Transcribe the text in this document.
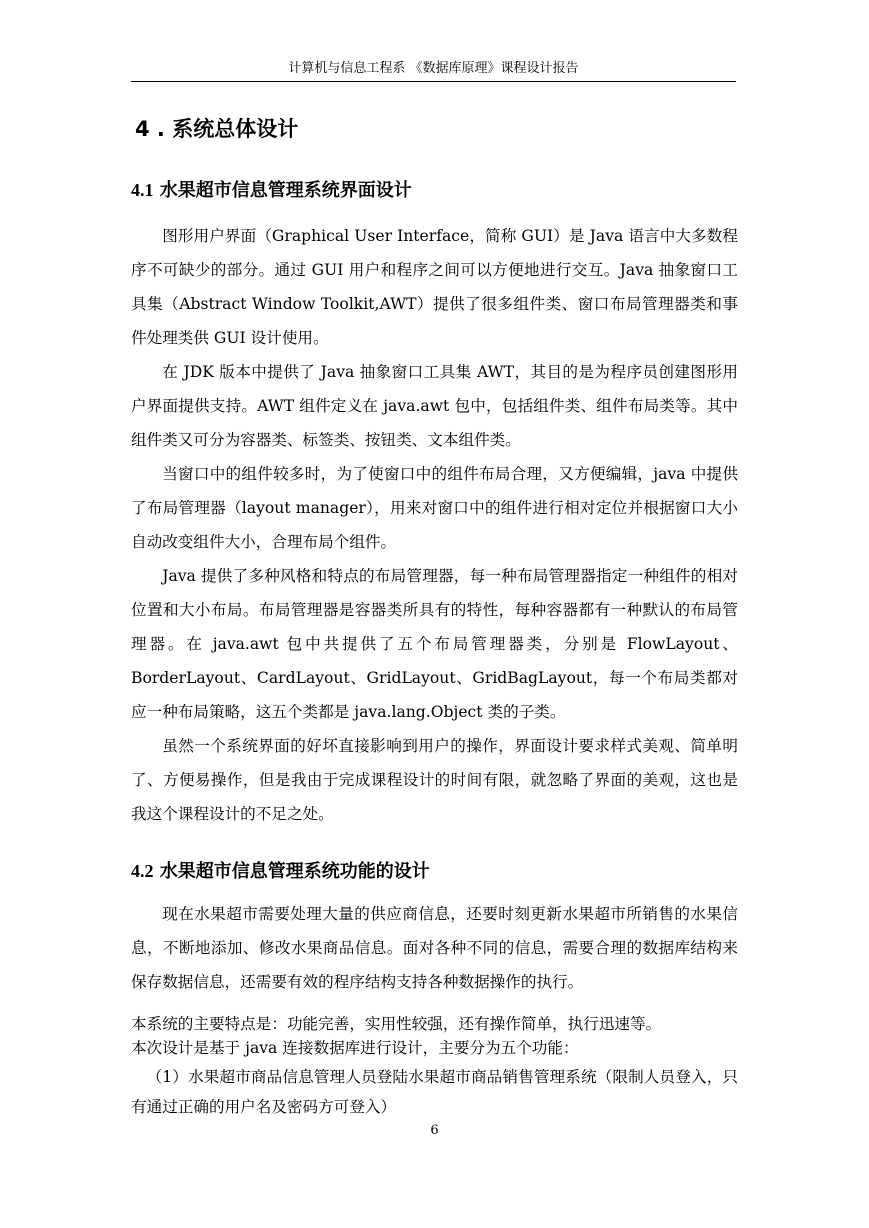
计算机与信息工程系 《数据库原理》课程设计报告
4 . 系统总体设计
4.1 水果超市信息管理系统界面设计
图形用户界面（Graphical User Interface，简称 GUI）是 Java 语言中大多数程序不可缺少的部分。通过 GUI 用户和程序之间可以方便地进行交互。Java 抽象窗口工具集（Abstract Window Toolkit,AWT）提供了很多组件类、窗口布局管理器类和事件处理类供 GUI 设计使用。
在 JDK 版本中提供了 Java 抽象窗口工具集 AWT，其目的是为程序员创建图形用户界面提供支持。AWT 组件定义在 java.awt 包中，包括组件类、组件布局类等。其中组件类又可分为容器类、标签类、按钮类、文本组件类。
当窗口中的组件较多时，为了使窗口中的组件布局合理，又方便编辑，java 中提供了布局管理器（layout manager），用来对窗口中的组件进行相对定位并根据窗口大小自动改变组件大小，合理布局个组件。
Java 提供了多种风格和特点的布局管理器，每一种布局管理器指定一种组件的相对位置和大小布局。布局管理器是容器类所具有的特性，每种容器都有一种默认的布局管理器。在 java.awt 包中共提供了五个布局管理器类，分别是 FlowLayout、BorderLayout、CardLayout、GridLayout、GridBagLayout，每一个布局类都对应一种布局策略，这五个类都是 java.lang.Object 类的子类。
虽然一个系统界面的好坏直接影响到用户的操作，界面设计要求样式美观、简单明了、方便易操作，但是我由于完成课程设计的时间有限，就忽略了界面的美观，这也是我这个课程设计的不足之处。
4.2 水果超市信息管理系统功能的设计
现在水果超市需要处理大量的供应商信息，还要时刻更新水果超市所销售的水果信息，不断地添加、修改水果商品信息。面对各种不同的信息，需要合理的数据库结构来保存数据信息，还需要有效的程序结构支持各种数据操作的执行。
本系统的主要特点是：功能完善，实用性较强，还有操作简单，执行迅速等。
本次设计是基于 java 连接数据库进行设计，主要分为五个功能：
（1）水果超市商品信息管理人员登陆水果超市商品销售管理系统（限制人员登入，只有通过正确的用户名及密码方可登入）
6
